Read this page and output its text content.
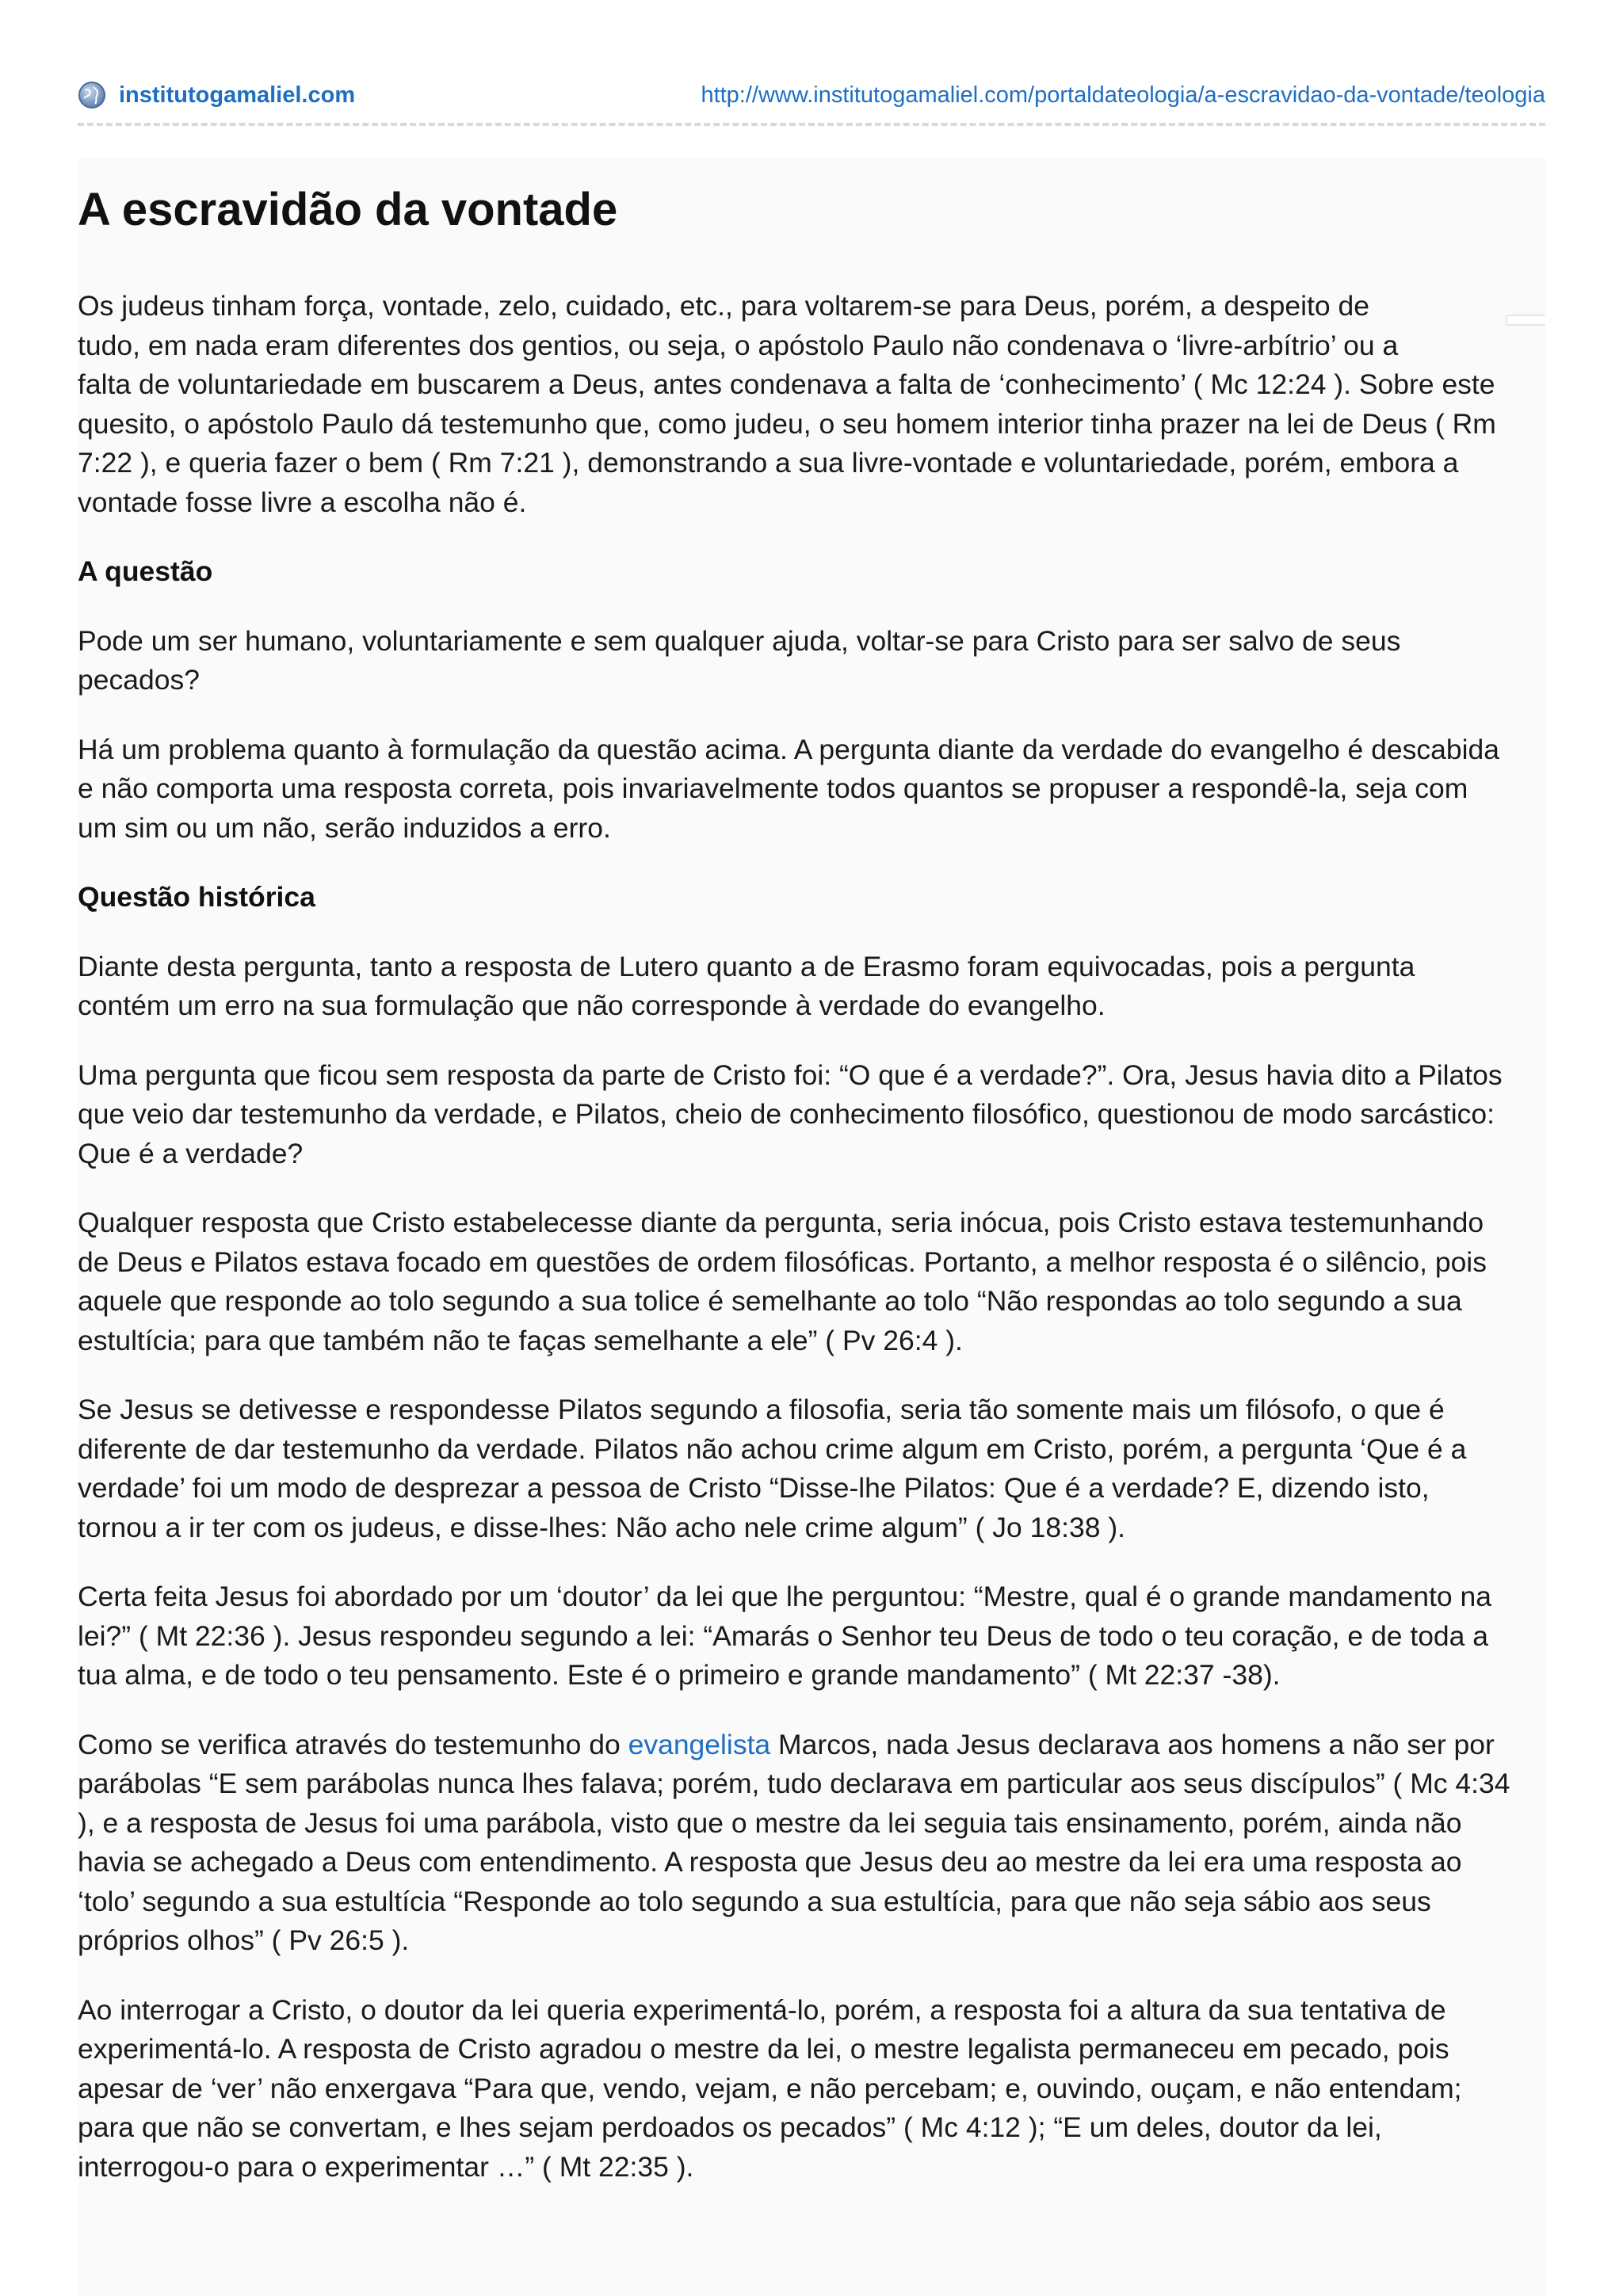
institutogamaliel.com	http://www.institutogamaliel.com/portaldateologia/a-escravidao-da-vontade/teologia
A escravidão da vontade
Os judeus tinham força, vontade, zelo, cuidado, etc., para voltarem-se para Deus, porém, a despeito de
tudo, em nada eram diferentes dos gentios, ou seja, o apóstolo Paulo não condenava o ‘livre-arbítrio’ ou a
falta de voluntariedade em buscarem a Deus, antes condenava a falta de ‘conhecimento’ ( Mc 12:24 ). Sobre este
quesito, o apóstolo Paulo dá testemunho que, como judeu, o seu homem interior tinha prazer na lei de Deus ( Rm
7:22 ), e queria fazer o bem ( Rm 7:21 ), demonstrando a sua livre-vontade e voluntariedade, porém, embora a
vontade fosse livre a escolha não é.
A questão
Pode um ser humano, voluntariamente e sem qualquer ajuda, voltar-se para Cristo para ser salvo de seus
pecados?
Há um problema quanto à formulação da questão acima. A pergunta diante da verdade do evangelho é descabida
e não comporta uma resposta correta, pois invariavelmente todos quantos se propuser a respondê-la, seja com
um sim ou um não, serão induzidos a erro.
Questão histórica
Diante desta pergunta, tanto a resposta de Lutero quanto a de Erasmo foram equivocadas, pois a pergunta
contém um erro na sua formulação que não corresponde à verdade do evangelho.
Uma pergunta que ficou sem resposta da parte de Cristo foi: “O que é a verdade?”. Ora, Jesus havia dito a Pilatos
que veio dar testemunho da verdade, e Pilatos, cheio de conhecimento filosófico, questionou de modo sarcástico:
Que é a verdade?
Qualquer resposta que Cristo estabelecesse diante da pergunta, seria inócua, pois Cristo estava testemunhando
de Deus e Pilatos estava focado em questões de ordem filosóficas. Portanto, a melhor resposta é o silêncio, pois
aquele que responde ao tolo segundo a sua tolice é semelhante ao tolo “Não respondas ao tolo segundo a sua
estultícia; para que também não te faças semelhante a ele” ( Pv 26:4 ).
Se Jesus se detivesse e respondesse Pilatos segundo a filosofia, seria tão somente mais um filósofo, o que é
diferente de dar testemunho da verdade. Pilatos não achou crime algum em Cristo, porém, a pergunta ‘Que é a
verdade’ foi um modo de desprezar a pessoa de Cristo “Disse-lhe Pilatos: Que é a verdade? E, dizendo isto,
tornou a ir ter com os judeus, e disse-lhes: Não acho nele crime algum” ( Jo 18:38 ).
Certa feita Jesus foi abordado por um ‘doutor’ da lei que lhe perguntou: “Mestre, qual é o grande mandamento na
lei?” ( Mt 22:36 ). Jesus respondeu segundo a lei: “Amarás o Senhor teu Deus de todo o teu coração, e de toda a
tua alma, e de todo o teu pensamento. Este é o primeiro e grande mandamento” ( Mt 22:37 -38).
Como se verifica através do testemunho do evangelista Marcos, nada Jesus declarava aos homens a não ser por
parábolas “E sem parábolas nunca lhes falava; porém, tudo declarava em particular aos seus discípulos” ( Mc 4:34
), e a resposta de Jesus foi uma parábola, visto que o mestre da lei seguia tais ensinamento, porém, ainda não
havia se achegado a Deus com entendimento. A resposta que Jesus deu ao mestre da lei era uma resposta ao
‘tolo’ segundo a sua estultícia “Responde ao tolo segundo a sua estultícia, para que não seja sábio aos seus
próprios olhos” ( Pv 26:5 ).
Ao interrogar a Cristo, o doutor da lei queria experimentá-lo, porém, a resposta foi a altura da sua tentativa de
experimentá-lo. A resposta de Cristo agradou o mestre da lei, o mestre legalista permaneceu em pecado, pois
apesar de ‘ver’ não enxergava “Para que, vendo, vejam, e não percebam; e, ouvindo, ouçam, e não entendam;
para que não se convertam, e lhes sejam perdoados os pecados” ( Mc 4:12 ); “E um deles, doutor da lei,
interrogou-o para o experimentar …” ( Mt 22:35 ).
